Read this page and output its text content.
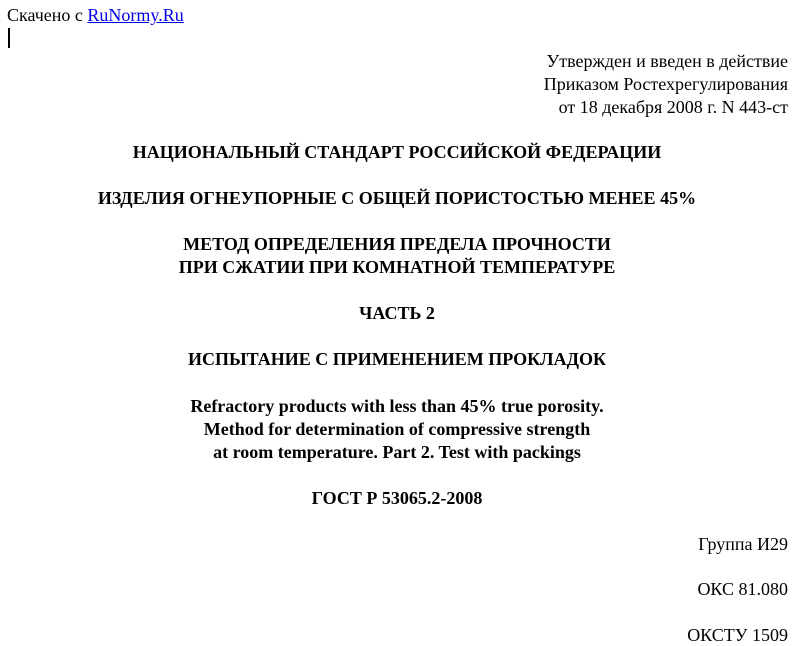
Скачено с RuNormy.Ru
Утвержден и введен в действие
Приказом Ростехрегулирования
от 18 декабря 2008 г. N 443-ст
НАЦИОНАЛЬНЫЙ СТАНДАРТ РОССИЙСКОЙ ФЕДЕРАЦИИ
ИЗДЕЛИЯ ОГНЕУПОРНЫЕ С ОБЩЕЙ ПОРИСТОСТЬЮ МЕНЕЕ 45%
МЕТОД ОПРЕДЕЛЕНИЯ ПРЕДЕЛА ПРОЧНОСТИ
ПРИ СЖАТИИ ПРИ КОМНАТНОЙ ТЕМПЕРАТУРЕ
ЧАСТЬ 2
ИСПЫТАНИЕ С ПРИМЕНЕНИЕМ ПРОКЛАДОК
Refractory products with less than 45% true porosity.
Method for determination of compressive strength
at room temperature. Part 2. Test with packings
ГОСТ Р 53065.2-2008
Группа И29
ОКС 81.080
ОКСТУ 1509
